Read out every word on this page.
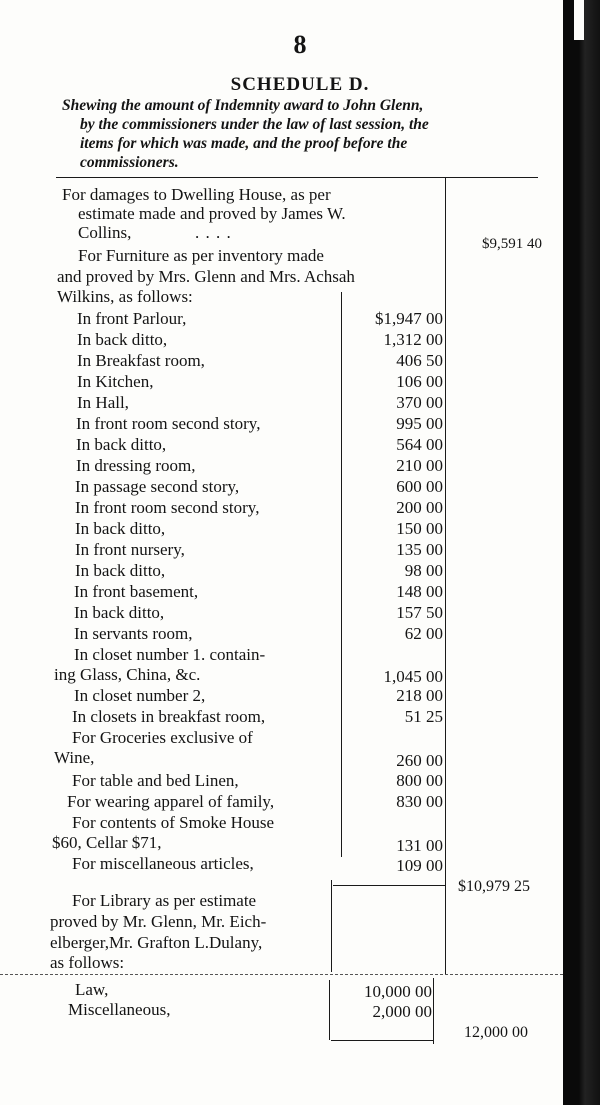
8
SCHEDULE D.
Shewing the amount of Indemnity award to John Glenn,
by the commissioners under the law of last session, the
items for which was made, and the proof before the
commissioners.
For damages to Dwelling House, as per
estimate made and proved by James W.
Collins,	. . . .
$9,591 40
For Furniture as per inventory made
and proved by Mrs. Glenn and Mrs. Achsah
Wilkins, as follows:
In front Parlour,	$1,947 00
In back ditto,	1,312 00
In Breakfast room,	406 50
In Kitchen,	106 00
In Hall,	370 00
In front room second story,	995 00
In back ditto,	564 00
In dressing room,	210 00
In passage second story,	600 00
In front room second story,	200 00
In back ditto,	150 00
In front nursery,	135 00
In back ditto,	98 00
In front basement,	148 00
In back ditto,	157 50
In servants room,	62 00
In closet number 1. contain-
ing Glass, China, &c.	1,045 00
In closet number 2,	218 00
In closets in breakfast room,	51 25
For Groceries exclusive of
Wine,	260 00
For table and bed Linen,	800 00
For wearing apparel of family,	830 00
For contents of Smoke House
$60, Cellar $71,	131 00
For miscellaneous articles,	109 00
$10,979 25
For Library as per estimate
proved by Mr. Glenn, Mr. Eich-
elberger,Mr. Grafton L.Dulany,
as follows:
Law,	10,000 00
Miscellaneous,	2,000 00
12,000 00
